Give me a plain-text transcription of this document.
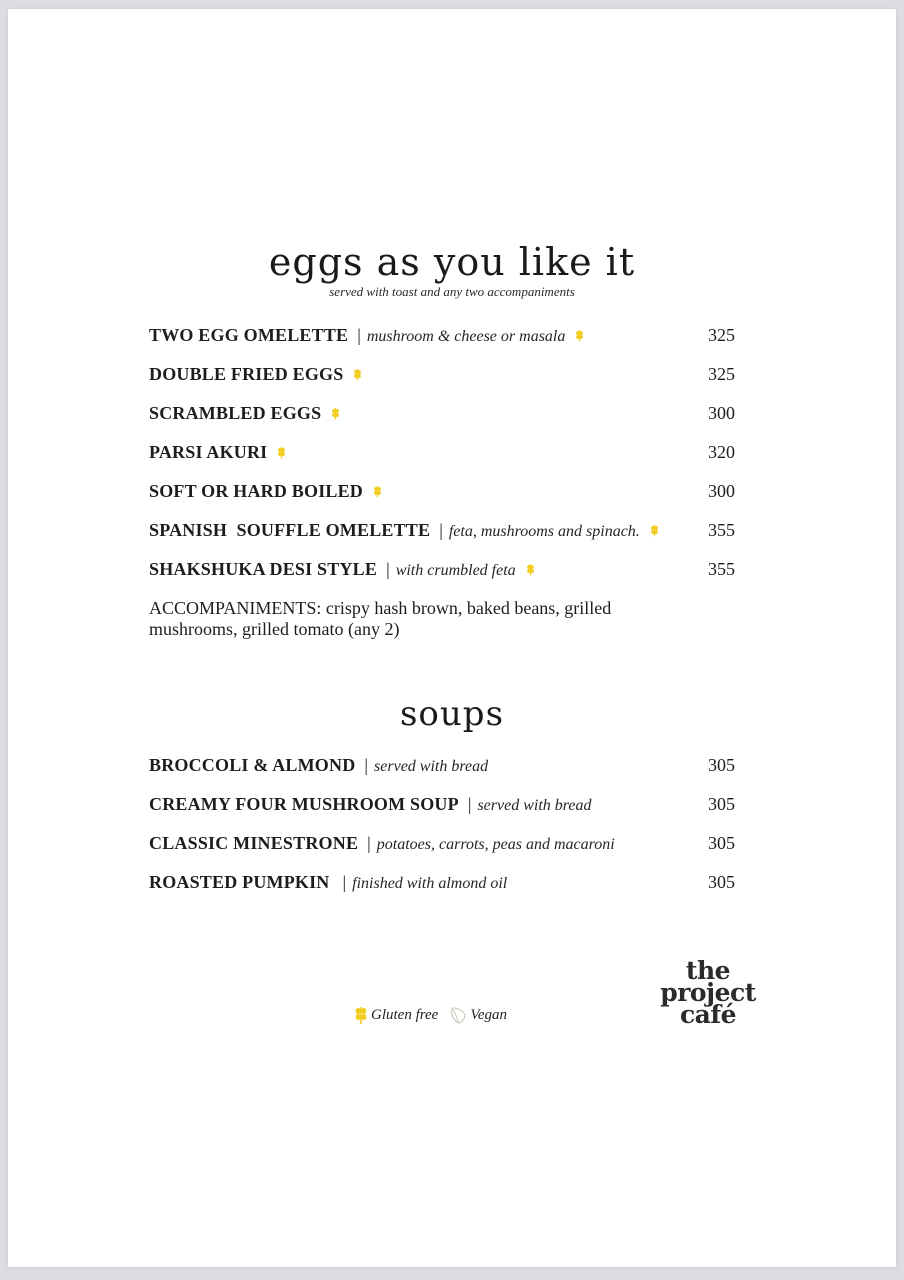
eggs as you like it
served with toast and any two accompaniments
TWO EGG OMELETTE | mushroom & cheese or masala	325
DOUBLE FRIED EGGS	325
SCRAMBLED EGGS	300
PARSI AKURI	320
SOFT OR HARD BOILED	300
SPANISH  SOUFFLE OMELETTE | feta, mushrooms and spinach.	355
SHAKSHUKA DESI STYLE | with crumbled feta	355
ACCOMPANIMENTS: crispy hash brown, baked beans, grilled mushrooms, grilled tomato (any 2)
soups
BROCCOLI & ALMOND | served with bread	305
CREAMY FOUR MUSHROOM SOUP | served with bread	305
CLASSIC MINESTRONE | potatoes, carrots, peas and macaroni	305
ROASTED PUMPKIN | finished with almond oil	305
Gluten free Vegan
the
project
café
